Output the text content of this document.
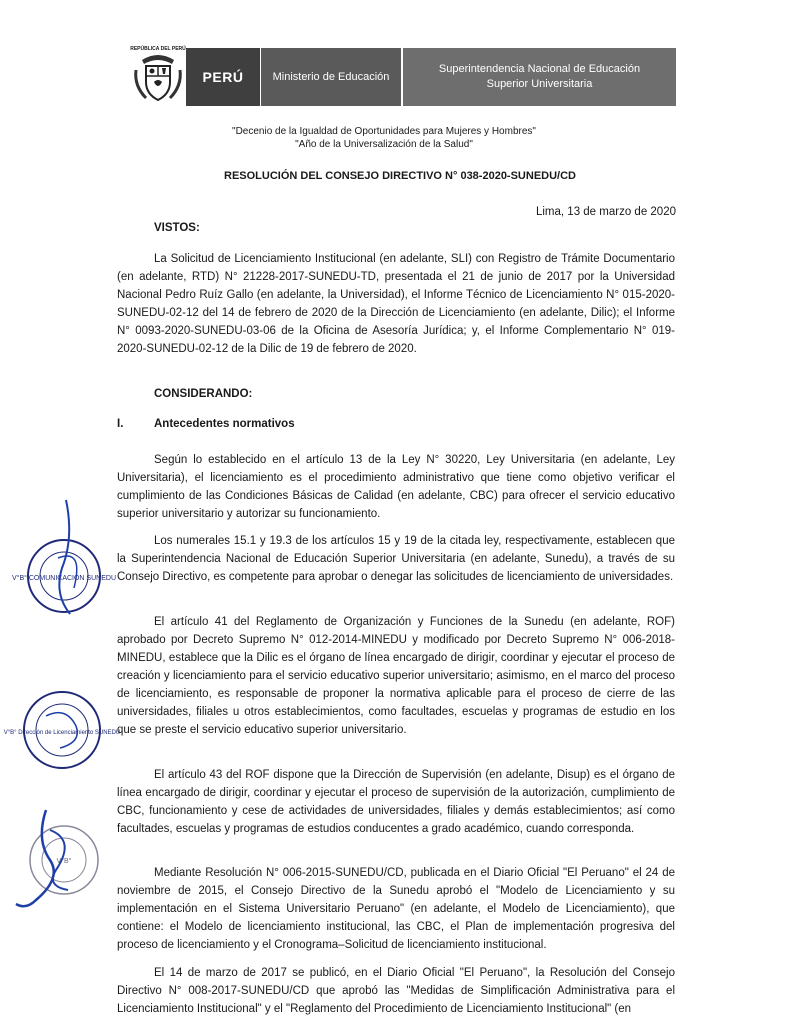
REPÚBLICA DEL PERÚ
PERÚ	Ministerio de Educación
Superintendencia Nacional de Educación
Superior Universitaria
"Decenio de la Igualdad de Oportunidades para Mujeres y Hombres"
"Año de la Universalización de la Salud"
RESOLUCIÓN DEL CONSEJO DIRECTIVO N° 038-2020-SUNEDU/CD
Lima, 13 de marzo de 2020
VISTOS:
La Solicitud de Licenciamiento Institucional (en adelante, SLI) con Registro de Trámite Documentario (en adelante, RTD) N° 21228-2017-SUNEDU-TD, presentada el 21 de junio de 2017 por la Universidad Nacional Pedro Ruíz Gallo (en adelante, la Universidad), el Informe Técnico de Licenciamiento N° 015-2020-SUNEDU-02-12 del 14 de febrero de 2020 de la Dirección de Licenciamiento (en adelante, Dilic); el Informe N° 0093-2020-SUNEDU-03-06 de la Oficina de Asesoría Jurídica; y, el Informe Complementario N° 019-2020-SUNEDU-02-12 de la Dilic de 19 de febrero de 2020.
CONSIDERANDO:
I.	Antecedentes normativos
Según lo establecido en el artículo 13 de la Ley N° 30220, Ley Universitaria (en adelante, Ley Universitaria), el licenciamiento es el procedimiento administrativo que tiene como objetivo verificar el cumplimiento de las Condiciones Básicas de Calidad (en adelante, CBC) para ofrecer el servicio educativo superior universitario y autorizar su funcionamiento.
Los numerales 15.1 y 19.3 de los artículos 15 y 19 de la citada ley, respectivamente, establecen que la Superintendencia Nacional de Educación Superior Universitaria (en adelante, Sunedu), a través de su Consejo Directivo, es competente para aprobar o denegar las solicitudes de licenciamiento de universidades.
El artículo 41 del Reglamento de Organización y Funciones de la Sunedu (en adelante, ROF) aprobado por Decreto Supremo N° 012-2014-MINEDU y modificado por Decreto Supremo N° 006-2018-MINEDU, establece que la Dilic es el órgano de línea encargado de dirigir, coordinar y ejecutar el proceso de creación y licenciamiento para el servicio educativo superior universitario; asimismo, en el marco del proceso de licenciamiento, es responsable de proponer la normativa aplicable para el proceso de cierre de las universidades, filiales u otros establecimientos, como facultades, escuelas y programas de estudio en los que se preste el servicio educativo superior universitario.
El artículo 43 del ROF dispone que la Dirección de Supervisión (en adelante, Disup) es el órgano de línea encargado de dirigir, coordinar y ejecutar el proceso de supervisión de la autorización, cumplimiento de CBC, funcionamiento y cese de actividades de universidades, filiales y demás establecimientos; así como facultades, escuelas y programas de estudios conducentes a grado académico, cuando corresponda.
Mediante Resolución N° 006-2015-SUNEDU/CD, publicada en el Diario Oficial "El Peruano" el 24 de noviembre de 2015, el Consejo Directivo de la Sunedu aprobó el "Modelo de Licenciamiento y su implementación en el Sistema Universitario Peruano" (en adelante, el Modelo de Licenciamiento), que contiene: el Modelo de licenciamiento institucional, las CBC, el Plan de implementación progresiva del proceso de licenciamiento y el Cronograma–Solicitud de licenciamiento institucional.
El 14 de marzo de 2017 se publicó, en el Diario Oficial "El Peruano", la Resolución del Consejo Directivo N° 008-2017-SUNEDU/CD que aprobó las "Medidas de Simplificación Administrativa para el Licenciamiento Institucional" y el "Reglamento del Procedimiento de Licenciamiento Institucional" (en
V°B° COMUNICACIÓN SUNEDU
V°B° Dirección de Licenciamiento SUNEDU
V°B°
